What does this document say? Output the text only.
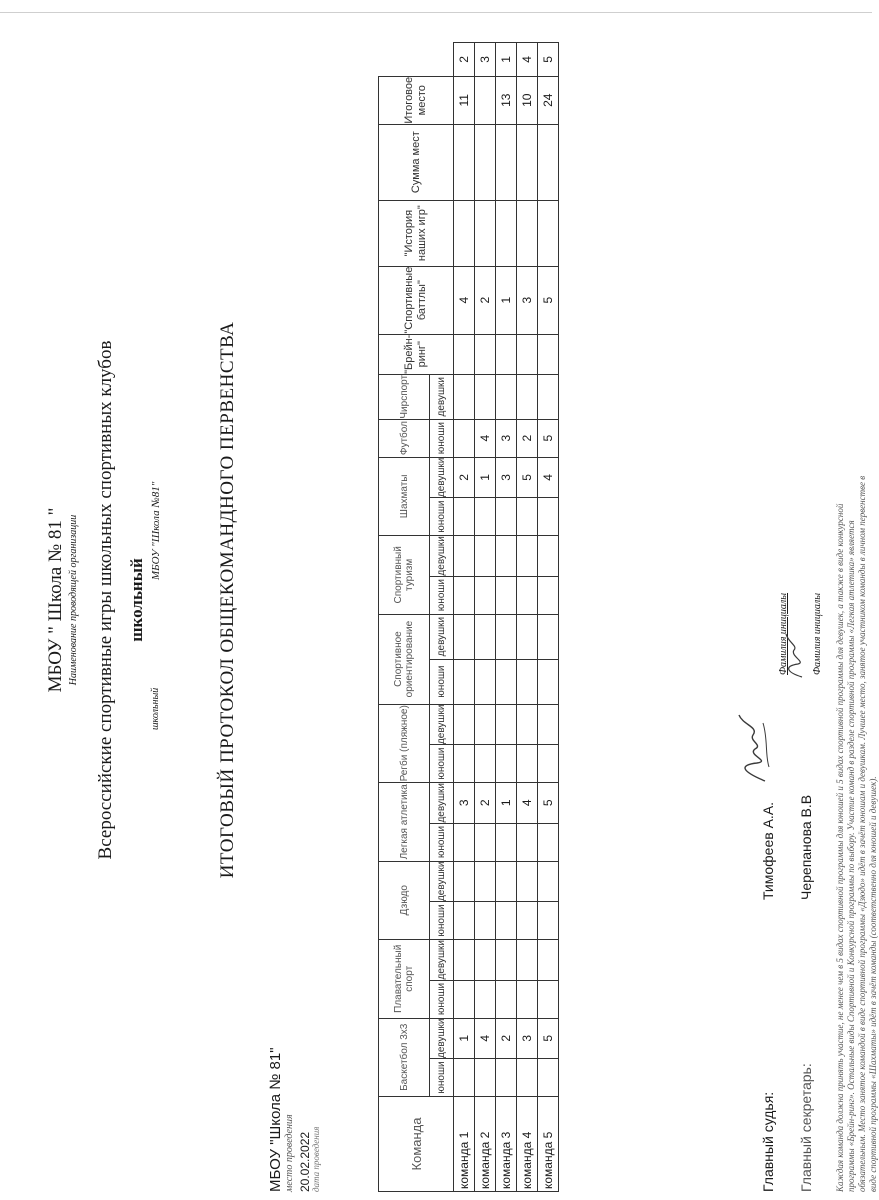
МБОУ " Школа № 81 " Наименование проводящей организации Всероссийские спортивные игры школьных спортивных клубов школьный
школьный
МБОУ "Школа №81"	ИТОГОВЫЙ ПРОТОКОЛ ОБЩЕКОМАНДНОГО ПЕРВЕНСТВА
МБОУ "Школа № 81" место проведения 20.02.2022 дата проведения	Команда	Баскетбол 3х3		Плавательный спорт		Дзюдо		Легкая атлетика		Регби (пляжное)		Спортивное ориентирование		Спортивный туризм		Шахматы		Футбол	Чирспорт	"Брейн-ринг"	"Спортивные баттлы"	"История наших игр"	Сумма мест	Итоговое место	
	юноши	девушки	юноши	девушки	юноши	девушки	юноши	девушки	юноши	девушки	юноши	девушки	юноши	девушки	юноши	девушки	юноши	девушки						
команда 1		1						3								2				4			11	2
команда 2		4						2								1	4			2				3
команда 3		2						1								3	3			1			13	1
команда 4		3						4								5	2			3			10	4
команда 5		5						5								4	5			5			24	5
Главный судья:
Тимофеев А.А.
Фамилия инициалы
Главный секретарь:
Черепанова В.В
Фамилия инициалы Каждая команда должна принять участие, не менее чем в 5 видах спортивной программы для юношей и 5 видах спортивной программы для девушек, а также в виде конкурсной программы «Брейн-ринг». Остальные виды Спортивной и Конкурсной программы по выбору. Участие команд в разделе спортивной программы «Легкая атлетика» является обязательным. Место занятое командой в виде спортивной программы «Дзюдо» идёт в зачёт юношам и девушкам. Лучшее место, занятое участником команды в личном первенстве в виде спортивной программы «Шахматы» идёт в зачёт команды (соответственно для юношей и девушек).
